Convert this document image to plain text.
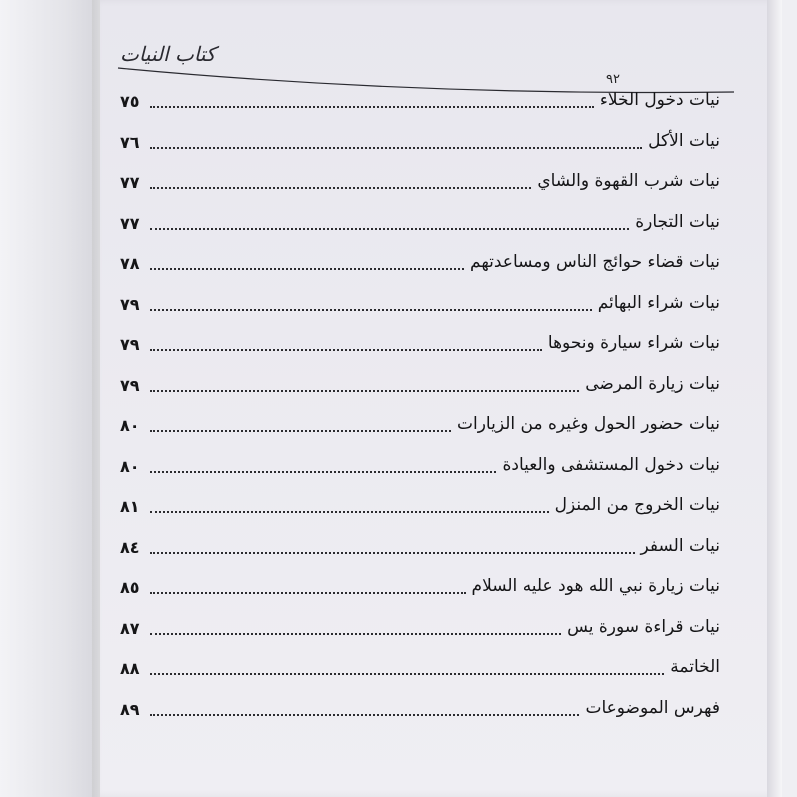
كتاب النيات
٩٢
٧٥	نيات دخول الخلاء
٧٦	نيات الأكل
٧٧	نيات شرب القهوة والشاي
٧٧	نيات التجارة
٧٨	نيات قضاء حوائج الناس ومساعدتهم
٧٩	نيات شراء البهائم
٧٩	نيات شراء سيارة ونحوها
٧٩	نيات زيارة المرضى
٨٠	نيات حضور الحول وغيره من الزيارات
٨٠	نيات دخول المستشفى والعيادة
٨١	نيات الخروج من المنزل
٨٤	نيات السفر
٨٥	نيات زيارة نبي الله هود عليه السلام
٨٧	نيات قراءة سورة يس
٨٨	الخاتمة
٨٩	فهرس الموضوعات
